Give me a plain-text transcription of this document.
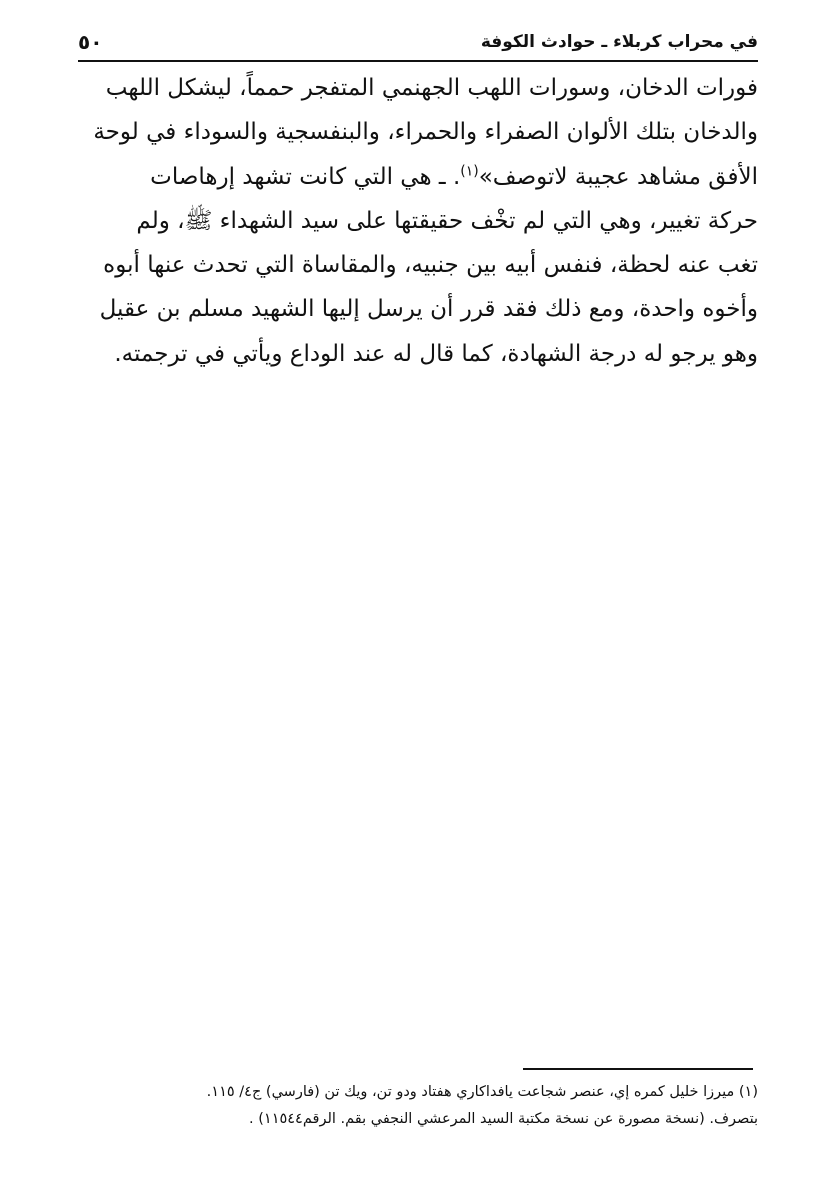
في محراب كربلاء ـ حوادث الكوفة
٥٠
فورات الدخان، وسورات اللهب الجهنمي المتفجر حمماً، ليشكل اللهب
والدخان بتلك الألوان الصفراء والحمراء، والبنفسجية والسوداء في لوحة
الأفق مشاهد عجيبة لاتوصف»$^{(١)}$. ـ هي التي كانت تشهد إرهاصات
حركة تغيير، وهي التي لم تخْف حقيقتها على سيد الشهداء ﷺ، ولم
تغب عنه لحظة، فنفس أبيه بين جنبيه، والمقاساة التي تحدث عنها أبوه
وأخوه واحدة، ومع ذلك فقد قرر أن يرسل إليها الشهيد مسلم بن عقيل
وهو يرجو له درجة الشهادة، كما قال له عند الوداع ويأتي في ترجمته.
(١) ميرزا خليل كمره إي، عنصر شجاعت يافداكاري هفتاد ودو تن، ويك تن (فارسي) ج٤/ ١١٥.
بتصرف. (نسخة مصورة عن نسخة مكتبة السيد المرعشي النجفي بقم. الرقم١١٥٤٤) .
